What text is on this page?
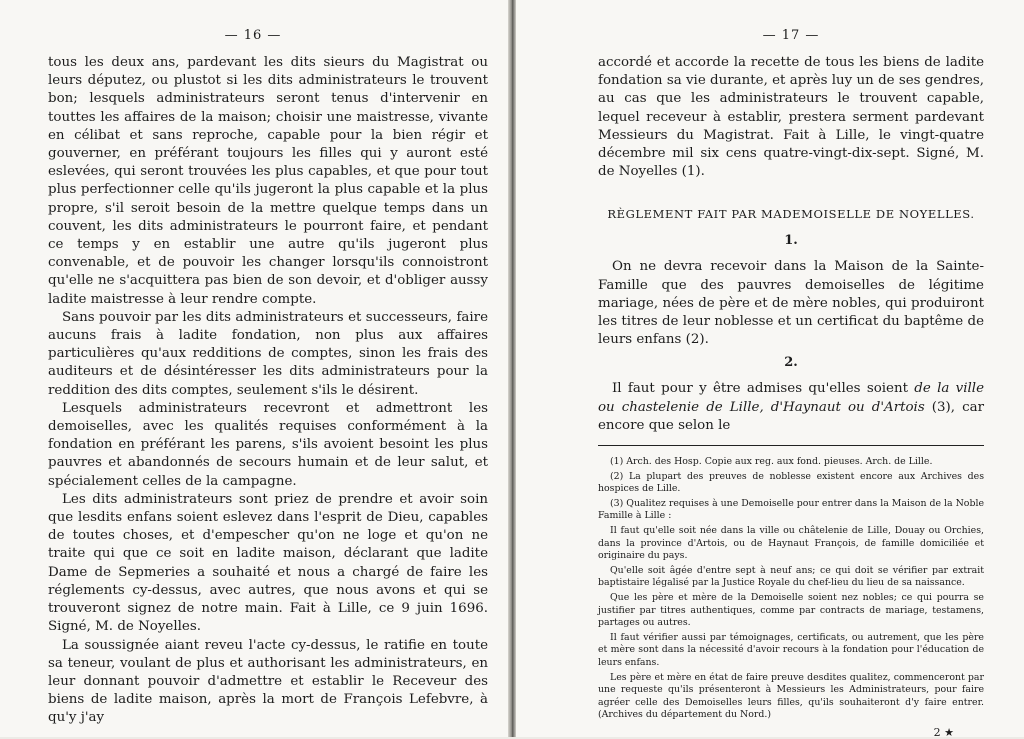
— 16 —

tous les deux ans, pardevant les dits sieurs du Magistrat ou leurs députez, ou plustot si les dits administrateurs le trouvent bon; lesquels administrateurs seront tenus d'intervenir en touttes les affaires de la maison; choisir une maistresse, vivante en célibat et sans reproche, capable pour la bien régir et gouverner, en préférant toujours les filles qui y auront esté eslevées, qui seront trouvées les plus capables, et que pour tout plus perfectionner celle qu'ils jugeront la plus capable et la plus propre, s'il seroit besoin de la mettre quelque temps dans un couvent, les dits administrateurs le pourront faire, et pendant ce temps y en establir une autre qu'ils jugeront plus convenable, et de pouvoir les changer lorsqu'ils connoistront qu'elle ne s'acquittera pas bien de son devoir, et d'obliger aussy ladite maistresse à leur rendre compte.

Sans pouvoir par les dits administrateurs et successeurs, faire aucuns frais à ladite fondation, non plus aux affaires particulières qu'aux redditions de comptes, sinon les frais des auditeurs et de désintéresser les dits administrateurs pour la reddition des dits comptes, seulement s'ils le désirent.

Lesquels administrateurs recevront et admettront les demoiselles, avec les qualités requises conformément à la fondation en préférant les parens, s'ils avoient besoint les plus pauvres et abandonnés de secours humain et de leur salut, et spécialement celles de la campagne.

Les dits administrateurs sont priez de prendre et avoir soin que lesdits enfans soient eslevez dans l'esprit de Dieu, capables de toutes choses, et d'empescher qu'on ne loge et qu'on ne traite qui que ce soit en ladite maison, déclarant que ladite Dame de Sepmeries a souhaité et nous a chargé de faire les réglements cy-dessus, avec autres, que nous avons et qui se trouveront signez de notre main. Fait à Lille, ce 9 juin 1696. Signé, M. de Noyelles.

La soussignée aiant reveu l'acte cy-dessus, le ratifie en toute sa teneur, voulant de plus et authorisant les administrateurs, en leur donnant pouvoir d'admettre et establir le Receveur des biens de ladite maison, après la mort de François Lefebvre, à qu'y j'ay

— 17 —

accordé et accorde la recette de tous les biens de ladite fondation sa vie durante, et après luy un de ses gendres, au cas que les administrateurs le trouvent capable, lequel receveur à establir, prestera serment pardevant Messieurs du Magistrat. Fait à Lille, le vingt-quatre décembre mil six cens quatre-vingt-dix-sept. Signé, M. de Noyelles (1).

RÈGLEMENT FAIT PAR MADEMOISELLE DE NOYELLES.
1.

On ne devra recevoir dans la Maison de la Sainte-Famille que des pauvres demoiselles de légitime mariage, nées de père et de mère nobles, qui produiront les titres de leur noblesse et un certificat du baptême de leurs enfans (2).

2.

Il faut pour y être admises qu'elles soient de la ville ou chastelenie de Lille, d'Haynaut ou d'Artois (3), car encore que selon le

(1) Arch. des Hosp. Copie aux reg. aux fond. pieuses. Arch. de Lille.

(2) La plupart des preuves de noblesse existent encore aux Archives des hospices de Lille.

(3) Qualitez requises à une Demoiselle pour entrer dans la Maison de la Noble Famille à Lille :

Il faut qu'elle soit née dans la ville ou châtelenie de Lille, Douay ou Orchies, dans la province d'Artois, ou de Haynaut François, de famille domiciliée et originaire du pays.

Qu'elle soit âgée d'entre sept à neuf ans; ce qui doit se vérifier par extrait baptistaire légalisé par la Justice Royale du chef-lieu du lieu de sa naissance.

Que les père et mère de la Demoiselle soient nez nobles; ce qui pourra se justifier par titres authentiques, comme par contracts de mariage, testamens, partages ou autres.

Il faut vérifier aussi par témoignages, certificats, ou autrement, que les père et mère sont dans la nécessité d'avoir recours à la fondation pour l'éducation de leurs enfans.

Les père et mère en état de faire preuve desdites qualitez, commenceront par une requeste qu'ils présenteront à Messieurs les Administrateurs, pour faire agréer celle des Demoiselles leurs filles, qu'ils souhaiteront d'y faire entrer. (Archives du département du Nord.)

2 ★
